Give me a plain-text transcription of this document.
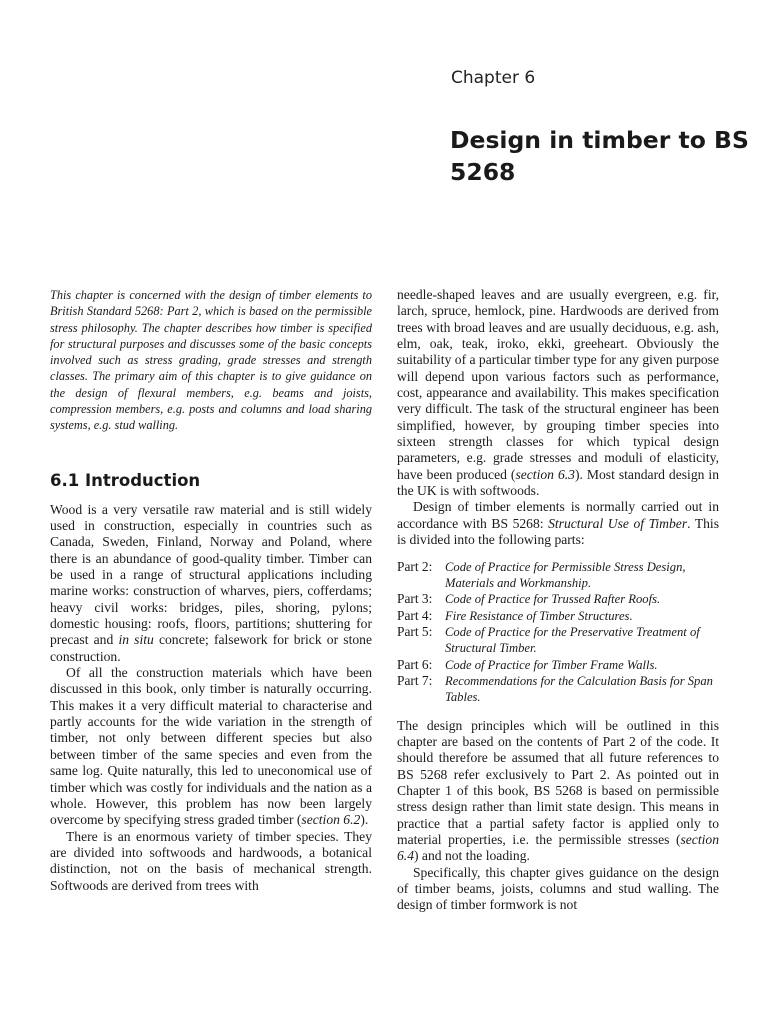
Chapter 6
Design in timber to BS 5268

This chapter is concerned with the design of timber elements to British Standard 5268: Part 2, which is based on the permissible stress philosophy. The chapter describes how timber is specified for structural purposes and discusses some of the basic concepts involved such as stress grading, grade stresses and strength classes. The primary aim of this chapter is to give guidance on the design of flexural members, e.g. beams and joists, compression members, e.g. posts and columns and load sharing systems, e.g. stud walling.

6.1 Introduction

Wood is a very versatile raw material and is still widely used in construction, especially in countries such as Canada, Sweden, Finland, Norway and Poland, where there is an abundance of good-quality timber. Timber can be used in a range of structural applications including marine works: construction of wharves, piers, cofferdams; heavy civil works: bridges, piles, shoring, pylons; domestic housing: roofs, floors, partitions; shuttering for precast and in situ concrete; falsework for brick or stone construction.

Of all the construction materials which have been discussed in this book, only timber is naturally occurring. This makes it a very difficult material to characterise and partly accounts for the wide variation in the strength of timber, not only between different species but also between timber of the same species and even from the same log. Quite naturally, this led to uneconomical use of timber which was costly for individuals and the nation as a whole. However, this problem has now been largely overcome by specifying stress graded timber (section 6.2).

There is an enormous variety of timber species. They are divided into softwoods and hardwoods, a botanical distinction, not on the basis of mechanical strength. Softwoods are derived from trees with

needle-shaped leaves and are usually evergreen, e.g. fir, larch, spruce, hemlock, pine. Hardwoods are derived from trees with broad leaves and are usually deciduous, e.g. ash, elm, oak, teak, iroko, ekki, greeheart. Obviously the suitability of a particular timber type for any given purpose will depend upon various factors such as performance, cost, appearance and availability. This makes specification very difficult. The task of the structural engineer has been simplified, however, by grouping timber species into sixteen strength classes for which typical design parameters, e.g. grade stresses and moduli of elasticity, have been produced (section 6.3). Most standard design in the UK is with softwoods.

Design of timber elements is normally carried out in accordance with BS 5268: Structural Use of Timber. This is divided into the following parts:

Part 2:	Code of Practice for Permissible Stress Design, Materials and Workmanship.
Part 3:	Code of Practice for Trussed Rafter Roofs.
Part 4:	Fire Resistance of Timber Structures.
Part 5:	Code of Practice for the Preservative Treatment of Structural Timber.
Part 6:	Code of Practice for Timber Frame Walls.
Part 7:	Recommendations for the Calculation Basis for Span Tables.

The design principles which will be outlined in this chapter are based on the contents of Part 2 of the code. It should therefore be assumed that all future references to BS 5268 refer exclusively to Part 2. As pointed out in Chapter 1 of this book, BS 5268 is based on permissible stress design rather than limit state design. This means in practice that a partial safety factor is applied only to material properties, i.e. the permissible stresses (section 6.4) and not the loading.

Specifically, this chapter gives guidance on the design of timber beams, joists, columns and stud walling. The design of timber formwork is not
